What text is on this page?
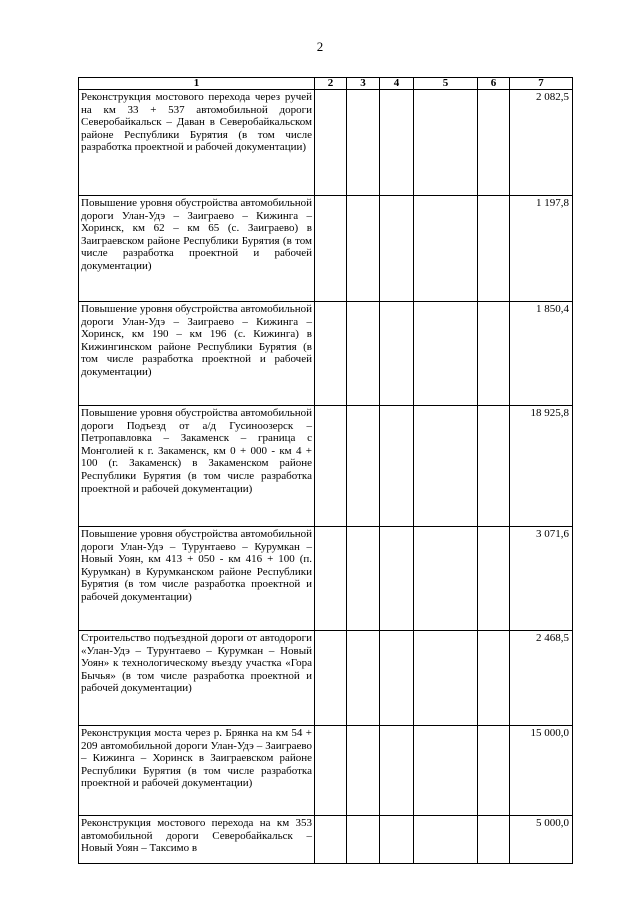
2
1	2	3	4	5	6	7
Реконструкция мостового перехода через ручей на км 33 + 537 автомобильной дороги Северобайкальск – Даван в Северобайкальском районе Республики Бурятия (в том числе разработка проектной и рабочей документации)						2 082,5
Повышение уровня обустройства автомобильной дороги Улан-Удэ – Заиграево – Кижинга – Хоринск, км 62 – км 65 (с. Заиграево) в Заиграевском районе Республики Бурятия (в том числе разработка проектной и рабочей документации)						1 197,8
Повышение уровня обустройства автомобильной дороги Улан-Удэ – Заиграево – Кижинга – Хоринск, км 190 – км 196 (с. Кижинга) в Кижингинском районе Республики Бурятия (в том числе разработка проектной и рабочей документации)						1 850,4
Повышение уровня обустройства автомобильной дороги Подъезд от а/д Гусиноозерск – Петропавловка – Закаменск – граница с Монголией к г. Закаменск, км 0 + 000 - км 4 + 100 (г. Закаменск) в Закаменском районе Республики Бурятия (в том числе разработка проектной и рабочей документации)						18 925,8
Повышение уровня обустройства автомобильной дороги Улан-Удэ – Турунтаево – Курумкан – Новый Уоян, км 413 + 050 - км 416 + 100 (п. Курумкан) в Курумканском районе Республики Бурятия (в том числе разработка проектной и рабочей документации)						3 071,6
Строительство подъездной дороги от автодороги «Улан-Удэ – Турунтаево – Курумкан – Новый Уоян» к технологическому въезду участка «Гора Бычья» (в том числе разработка проектной и рабочей документации)						2 468,5
Реконструкция моста через р. Брянка на км 54 + 209 автомобильной дороги Улан-Удэ – Заиграево – Кижинга – Хоринск в Заиграевском районе Республики Бурятия (в том числе разработка проектной и рабочей документации)						15 000,0
Реконструкция мостового перехода на км 353 автомобильной дороги Северобайкальск – Новый Уоян – Таксимо в						5 000,0
